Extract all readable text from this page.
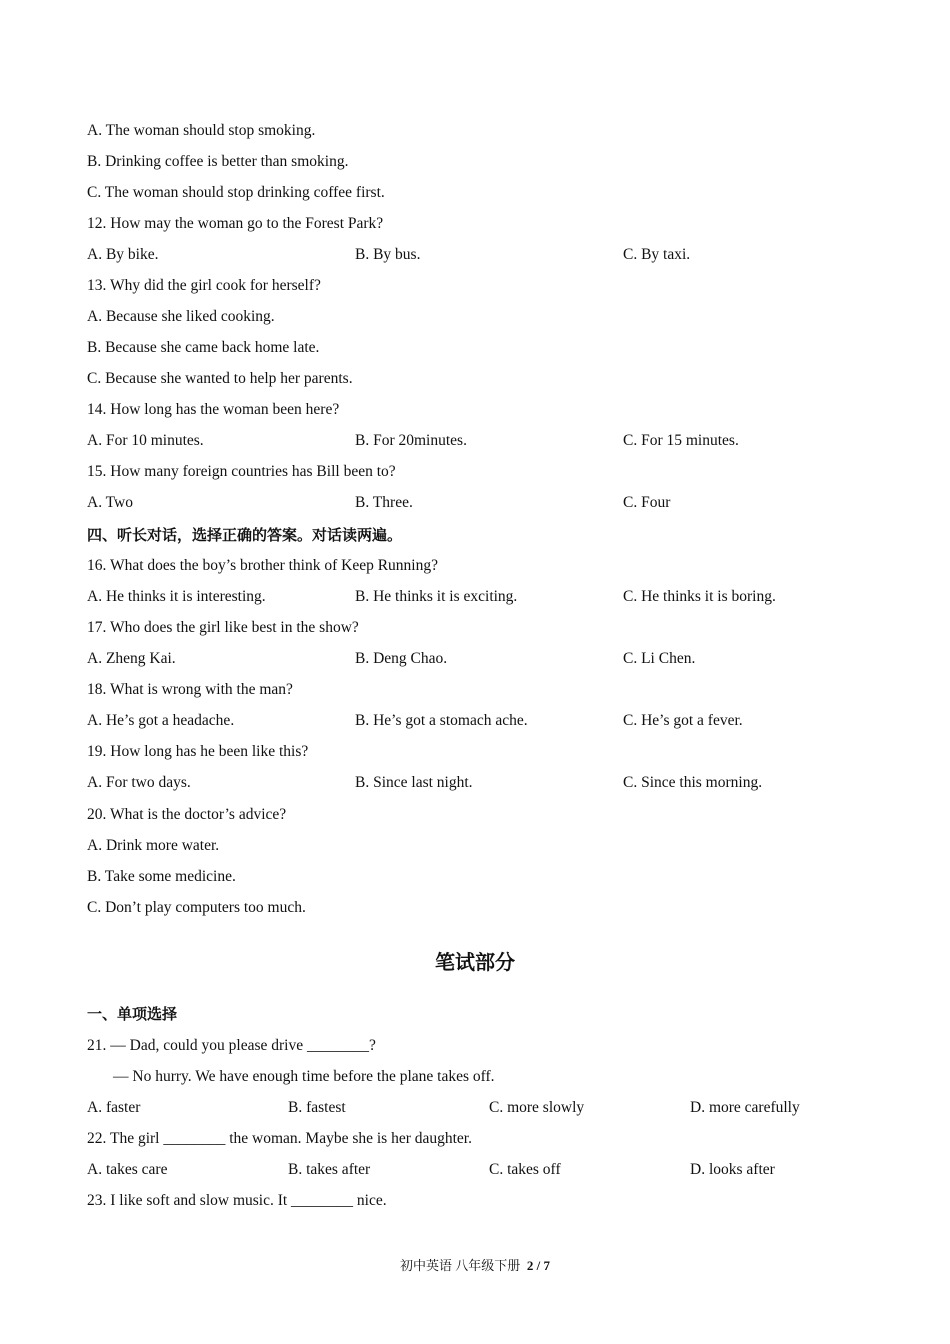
A. The woman should stop smoking.
B. Drinking coffee is better than smoking.
C. The woman should stop drinking coffee first.
12. How may the woman go to the Forest Park?
A. By bike.	B. By bus.	C. By taxi.
13. Why did the girl cook for herself?
A. Because she liked cooking.
B. Because she came back home late.
C. Because she wanted to help her parents.
14. How long has the woman been here?
A. For 10 minutes.	B. For 20minutes.	C. For 15 minutes.
15. How many foreign countries has Bill been to?
A. Two	B. Three.	C. Four
四、听长对话，选择正确的答案。对话读两遍。
16. What does the boy’s brother think of Keep Running?
A. He thinks it is interesting.	B. He thinks it is exciting.	C. He thinks it is boring.
17. Who does the girl like best in the show?
A. Zheng Kai.	B. Deng Chao.	C. Li Chen.
18. What is wrong with the man?
A. He’s got a headache.	B. He’s got a stomach ache.	C. He’s got a fever.
19. How long has he been like this?
A. For two days.	B. Since last night.	C. Since this morning.
20. What is the doctor’s advice?
A. Drink more water.
B. Take some medicine.
C. Don’t play computers too much.
笔试部分
一、单项选择
21. — Dad, could you please drive ________?
— No hurry. We have enough time before the plane takes off.
A. faster	B. fastest	C. more slowly	D. more carefully
22. The girl ________ the woman. Maybe she is her daughter.
A. takes care	B. takes after	C. takes off	D. looks after
23. I like soft and slow music. It ________ nice.
初中英语 八年级下册 2 / 7
